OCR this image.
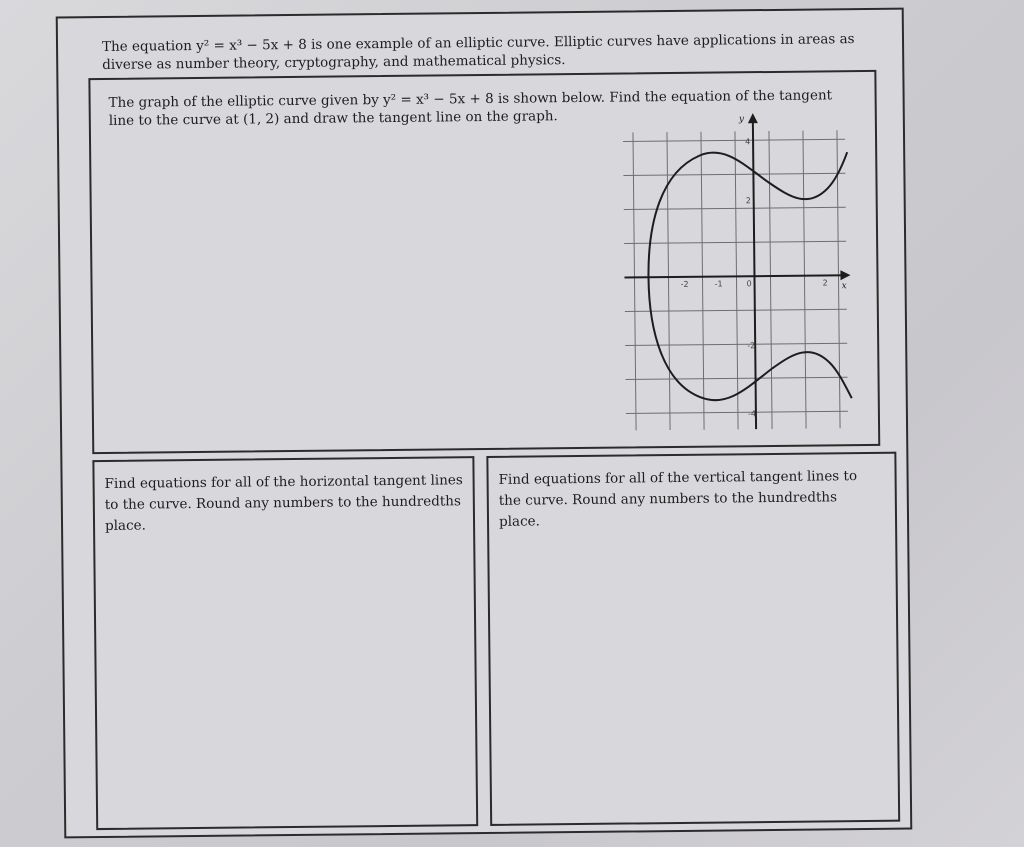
The equation y² = x³ − 5x + 8 is one example of an elliptic curve. Elliptic curves have applications in areas as diverse as number theory, cryptography, and mathematical physics.
The graph of the elliptic curve given by y² = x³ − 5x + 8 is shown below. Find the equation of the tangent line to the curve at (1, 2) and draw the tangent line on the graph.
x
y
-2	-1	0	2
4
2
-2
-4
Find equations for all of the horizontal tangent lines to the curve. Round any numbers to the hundredths place.
Find equations for all of the vertical tangent lines to the curve. Round any numbers to the hundredths place.
